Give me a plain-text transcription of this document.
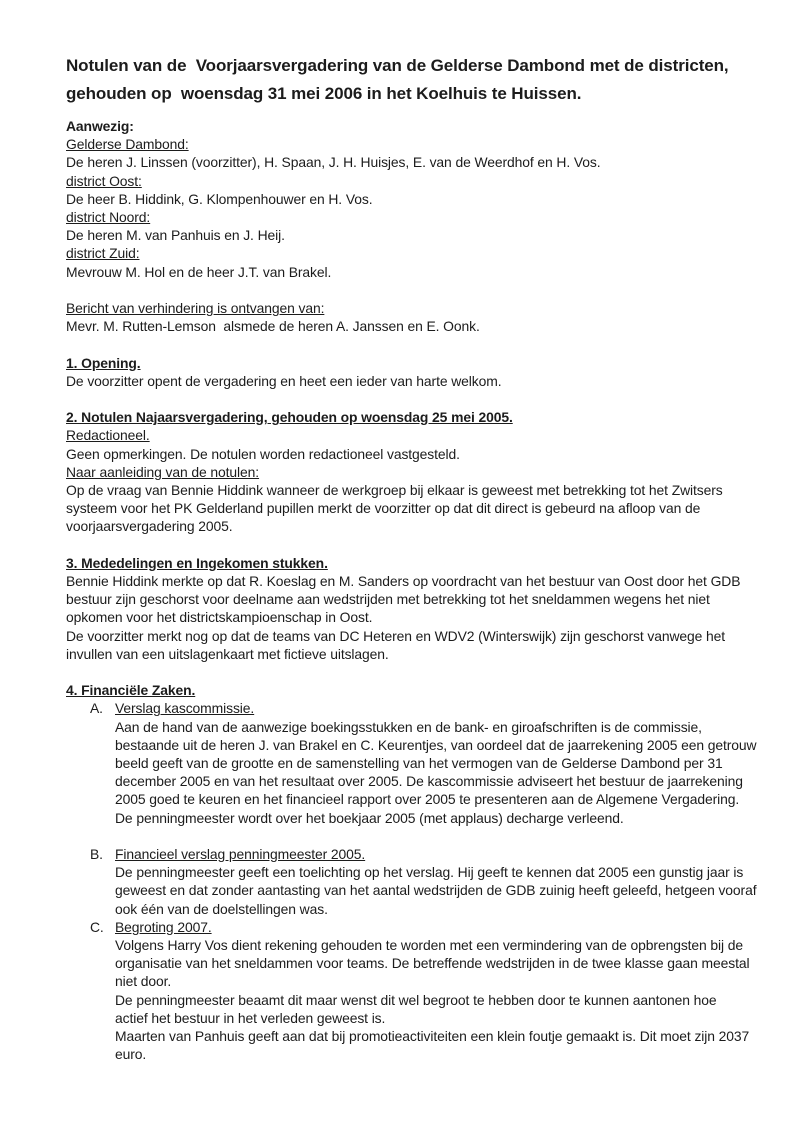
Notulen van de  Voorjaarsvergadering van de Gelderse Dambond met de districten,
gehouden op  woensdag 31 mei 2006 in het Koelhuis te Huissen.
Aanwezig:
Gelderse Dambond:
De heren J. Linssen (voorzitter), H. Spaan, J. H. Huisjes, E. van de Weerdhof en H. Vos.
district Oost:
De heer B. Hiddink, G. Klompenhouwer en H. Vos.
district Noord:
De heren M. van Panhuis en J. Heij.
district Zuid:
Mevrouw M. Hol en de heer J.T. van Brakel.
Bericht van verhindering is ontvangen van:
Mevr. M. Rutten-Lemson  alsmede de heren A. Janssen en E. Oonk.
1. Opening.
De voorzitter opent de vergadering en heet een ieder van harte welkom.
2. Notulen Najaarsvergadering, gehouden op woensdag 25 mei 2005.
Redactioneel.
Geen opmerkingen. De notulen worden redactioneel vastgesteld.
Naar aanleiding van de notulen:
Op de vraag van Bennie Hiddink wanneer de werkgroep bij elkaar is geweest met betrekking tot het Zwitsers
systeem voor het PK Gelderland pupillen merkt de voorzitter op dat dit direct is gebeurd na afloop van de
voorjaarsvergadering 2005.
3. Mededelingen en Ingekomen stukken.
Bennie Hiddink merkte op dat R. Koeslag en M. Sanders op voordracht van het bestuur van Oost door het GDB
bestuur zijn geschorst voor deelname aan wedstrijden met betrekking tot het sneldammen wegens het niet
opkomen voor het districtskampioenschap in Oost.
De voorzitter merkt nog op dat de teams van DC Heteren en WDV2 (Winterswijk) zijn geschorst vanwege het
invullen van een uitslagenkaart met fictieve uitslagen.
4. Financiële Zaken.
A. Verslag kascommissie.
Aan de hand van de aanwezige boekingsstukken en de bank- en giroafschriften is de commissie,
bestaande uit de heren J. van Brakel en C. Keurentjes, van oordeel dat de jaarrekening 2005 een getrouw
beeld geeft van de grootte en de samenstelling van het vermogen van de Gelderse Dambond per 31
december 2005 en van het resultaat over 2005. De kascommissie adviseert het bestuur de jaarrekening
2005 goed te keuren en het financieel rapport over 2005 te presenteren aan de Algemene Vergadering.
De penningmeester wordt over het boekjaar 2005 (met applaus) decharge verleend.
B. Financieel verslag penningmeester 2005.
De penningmeester geeft een toelichting op het verslag. Hij geeft te kennen dat 2005 een gunstig jaar is
geweest en dat zonder aantasting van het aantal wedstrijden de GDB zuinig heeft geleefd, hetgeen vooraf
ook één van de doelstellingen was.
C. Begroting 2007.
Volgens Harry Vos dient rekening gehouden te worden met een vermindering van de opbrengsten bij de
organisatie van het sneldammen voor teams. De betreffende wedstrijden in de twee klasse gaan meestal
niet door.
De penningmeester beaamt dit maar wenst dit wel begroot te hebben door te kunnen aantonen hoe
actief het bestuur in het verleden geweest is.
Maarten van Panhuis geeft aan dat bij promotieactiviteiten een klein foutje gemaakt is. Dit moet zijn 2037
euro.
